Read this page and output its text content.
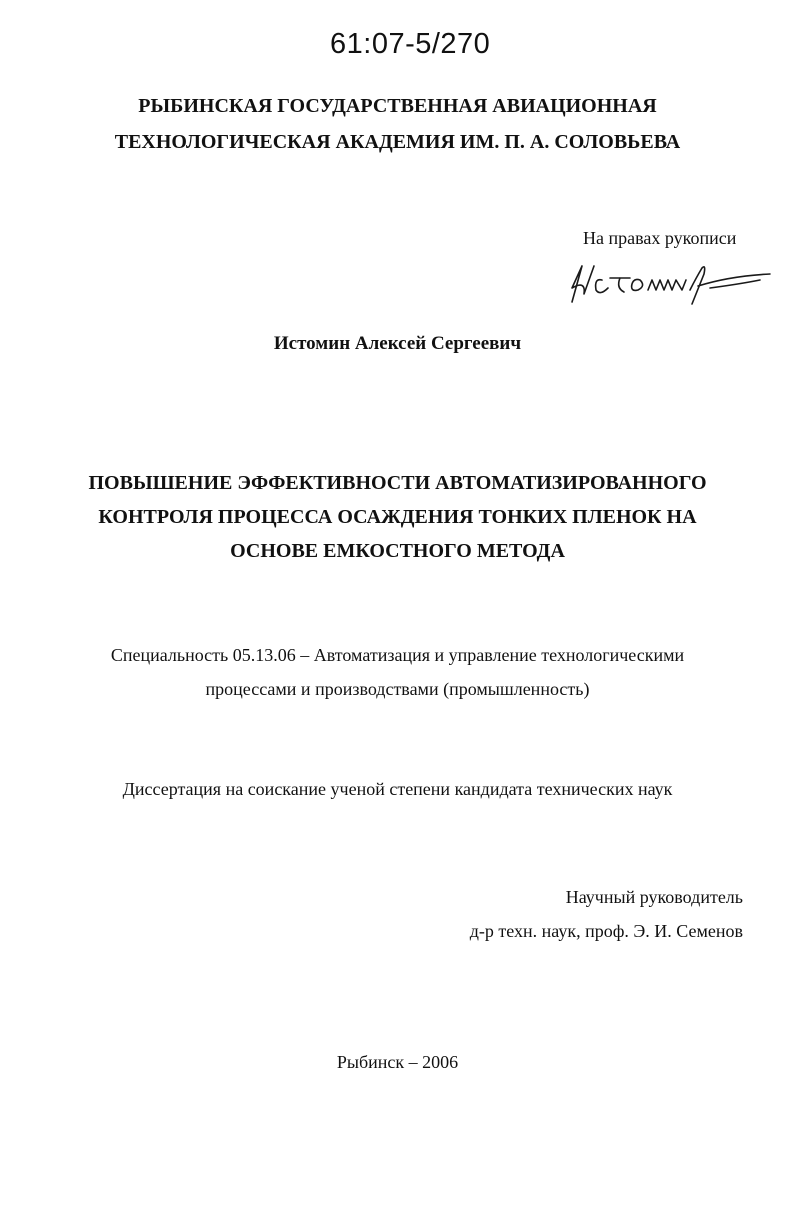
61:07-5/270
РЫБИНСКАЯ ГОСУДАРСТВЕННАЯ АВИАЦИОННАЯ
ТЕХНОЛОГИЧЕСКАЯ АКАДЕМИЯ ИМ. П. А. СОЛОВЬЕВА
На правах рукописи
Истомин Алексей Сергеевич
ПОВЫШЕНИЕ ЭФФЕКТИВНОСТИ АВТОМАТИЗИРОВАННОГО
КОНТРОЛЯ ПРОЦЕССА ОСАЖДЕНИЯ ТОНКИХ ПЛЕНОК НА
ОСНОВЕ ЕМКОСТНОГО МЕТОДА
Специальность 05.13.06 – Автоматизация и управление технологическими
процессами и производствами (промышленность)
Диссертация на соискание ученой степени кандидата технических наук
Научный руководитель
д-р техн. наук, проф. Э. И. Семенов
Рыбинск – 2006
